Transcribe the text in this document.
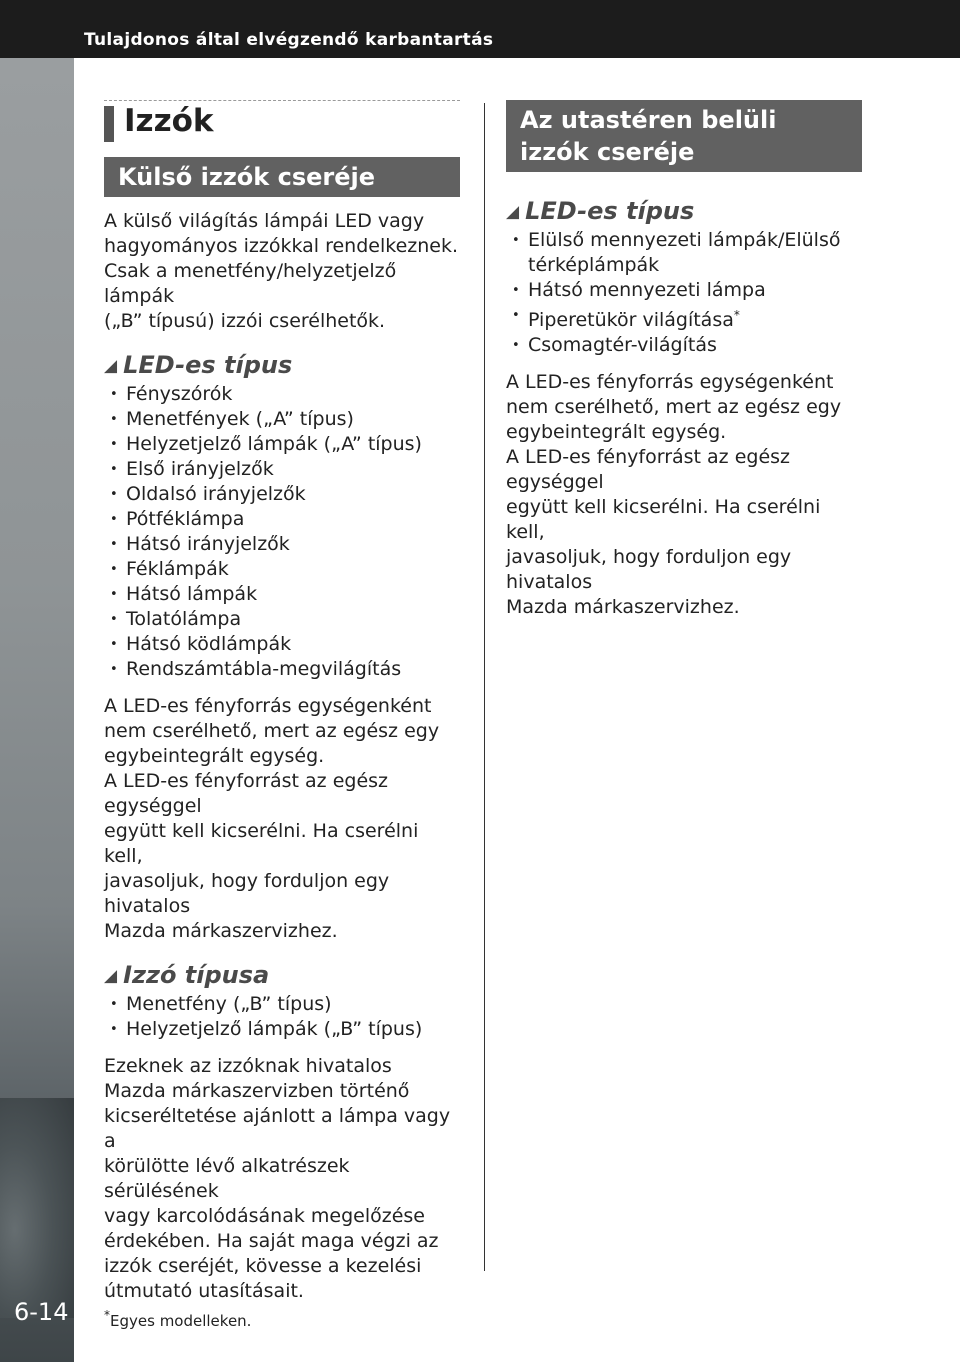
Tulajdonos által elvégzendő karbantartás
6-14
Izzók
Külső izzók cseréje

A külső világítás lámpái LED vagy

hagyományos izzókkal rendelkeznek.

Csak a menetfény/helyzetjelző lámpák

(„B” típusú) izzói cserélhetők.

◢ LED-es típus
• Fényszórók
• Menetfények („A” típus)
• Helyzetjelző lámpák („A” típus)
• Első irányjelzők
• Oldalsó irányjelzők
• Pótféklámpa
• Hátsó irányjelzők
• Féklámpák
• Hátsó lámpák
• Tolatólámpa
• Hátsó ködlámpák
• Rendszámtábla-megvilágítás

A LED-es fényforrás egységenként

nem cserélhető, mert az egész egy

egybeintegrált egység.

A LED-es fényforrást az egész egységgel

együtt kell kicserélni. Ha cserélni kell,

javasoljuk, hogy forduljon egy hivatalos

Mazda márkaszervizhez.

◢ Izzó típusa
• Menetfény („B” típus)
• Helyzetjelző lámpák („B” típus)

Ezeknek az izzóknak hivatalos

Mazda márkaszervizben történő

kicseréltetése ajánlott a lámpa vagy a

körülötte lévő alkatrészek sérülésének

vagy karcolódásának megelőzése

érdekében. Ha saját maga végzi az

izzók cseréjét, kövesse a kezelési

útmutató utasításait.

Az utastéren belüli
izzók cseréje
◢ LED-es típus
• Elülső mennyezeti lámpák/Elülső
térképlámpák
• Hátsó mennyezeti lámpa
• Piperetükör világítása*
• Csomagtér-világítás

A LED-es fényforrás egységenként

nem cserélhető, mert az egész egy

egybeintegrált egység.

A LED-es fényforrást az egész egységgel

együtt kell kicserélni. Ha cserélni kell,

javasoljuk, hogy forduljon egy hivatalos

Mazda márkaszervizhez.

*Egyes modelleken.
